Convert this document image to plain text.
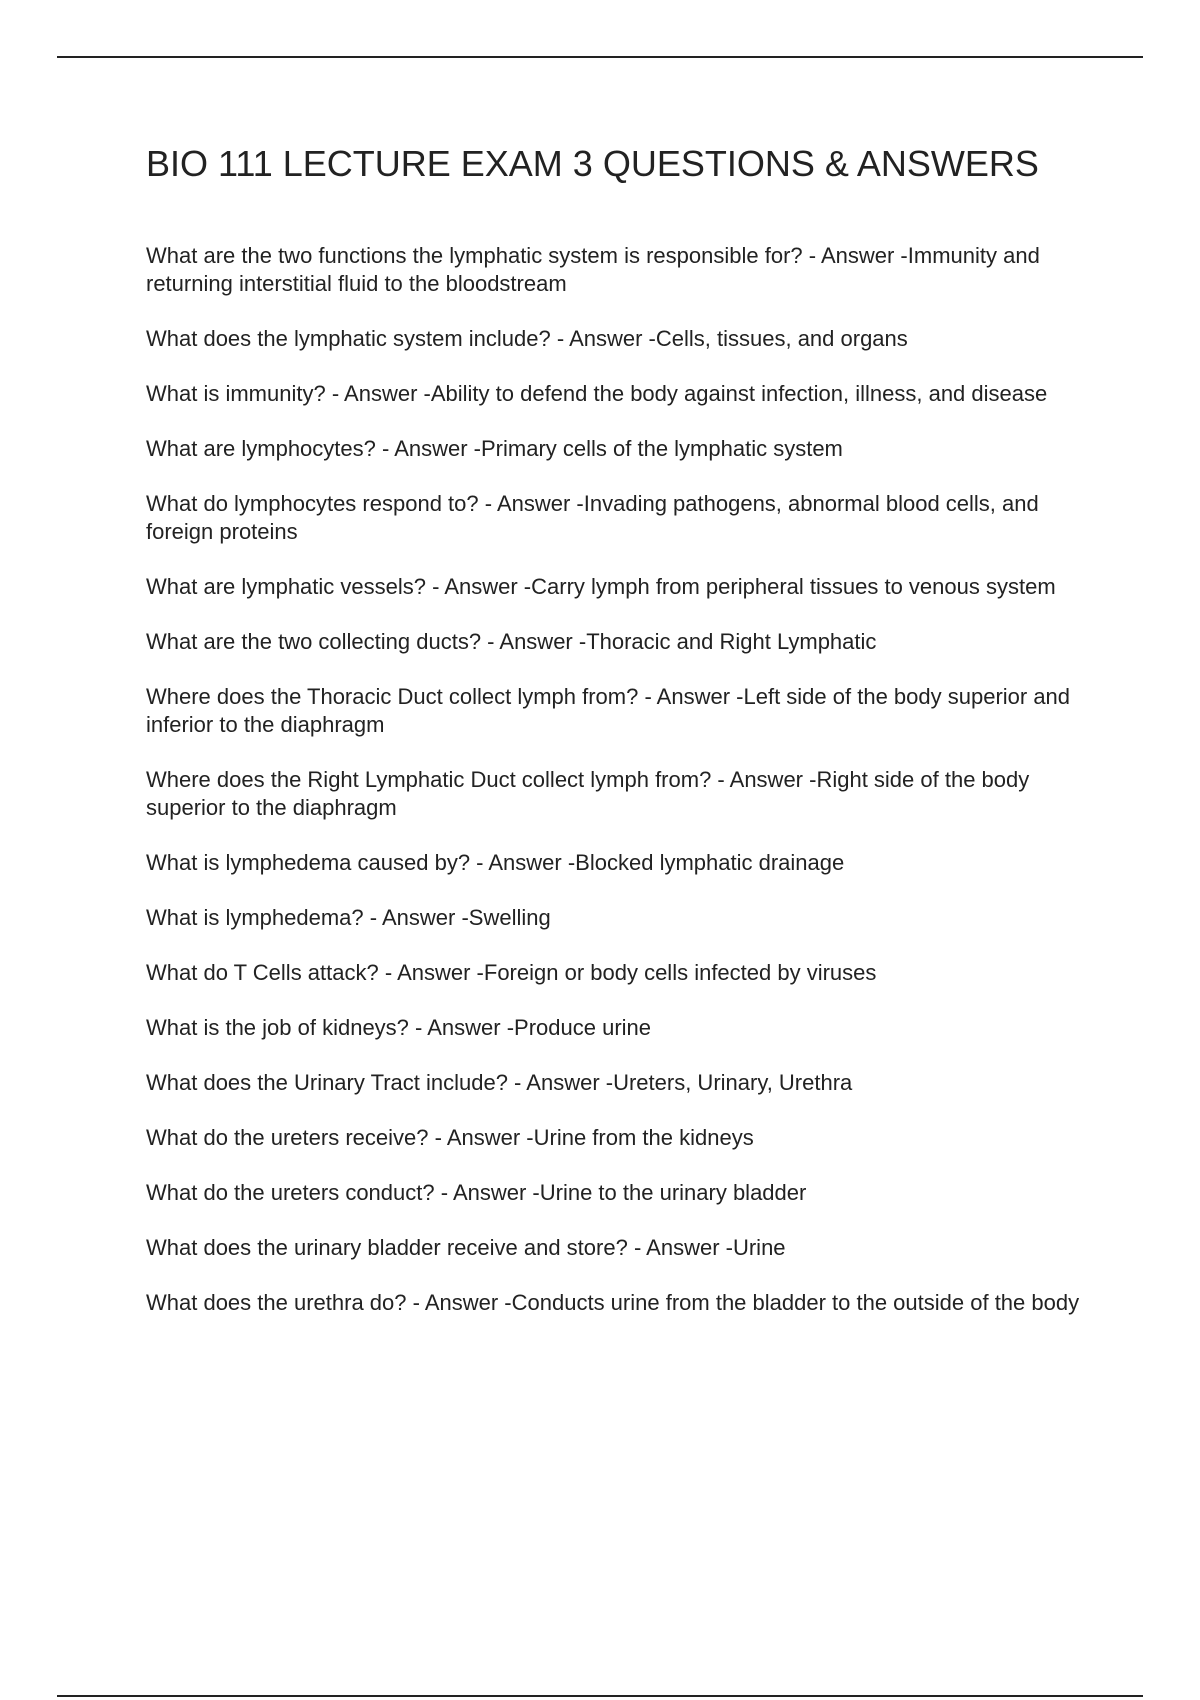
BIO 111 LECTURE EXAM 3 QUESTIONS & ANSWERS
What are the two functions the lymphatic system is responsible for? - Answer -Immunity and returning interstitial fluid to the bloodstream
What does the lymphatic system include? - Answer -Cells, tissues, and organs
What is immunity? - Answer -Ability to defend the body against infection, illness, and disease
What are lymphocytes? - Answer -Primary cells of the lymphatic system
What do lymphocytes respond to? - Answer -Invading pathogens, abnormal blood cells, and foreign proteins
What are lymphatic vessels? - Answer -Carry lymph from peripheral tissues to venous system
What are the two collecting ducts? - Answer -Thoracic and Right Lymphatic
Where does the Thoracic Duct collect lymph from? - Answer -Left side of the body superior and inferior to the diaphragm
Where does the Right Lymphatic Duct collect lymph from? - Answer -Right side of the body superior to the diaphragm
What is lymphedema caused by? - Answer -Blocked lymphatic drainage
What is lymphedema? - Answer -Swelling
What do T Cells attack? - Answer -Foreign or body cells infected by viruses
What is the job of kidneys? - Answer -Produce urine
What does the Urinary Tract include? - Answer -Ureters, Urinary, Urethra
What do the ureters receive? - Answer -Urine from the kidneys
What do the ureters conduct? - Answer -Urine to the urinary bladder
What does the urinary bladder receive and store? - Answer -Urine
What does the urethra do? - Answer -Conducts urine from the bladder to the outside of the body
